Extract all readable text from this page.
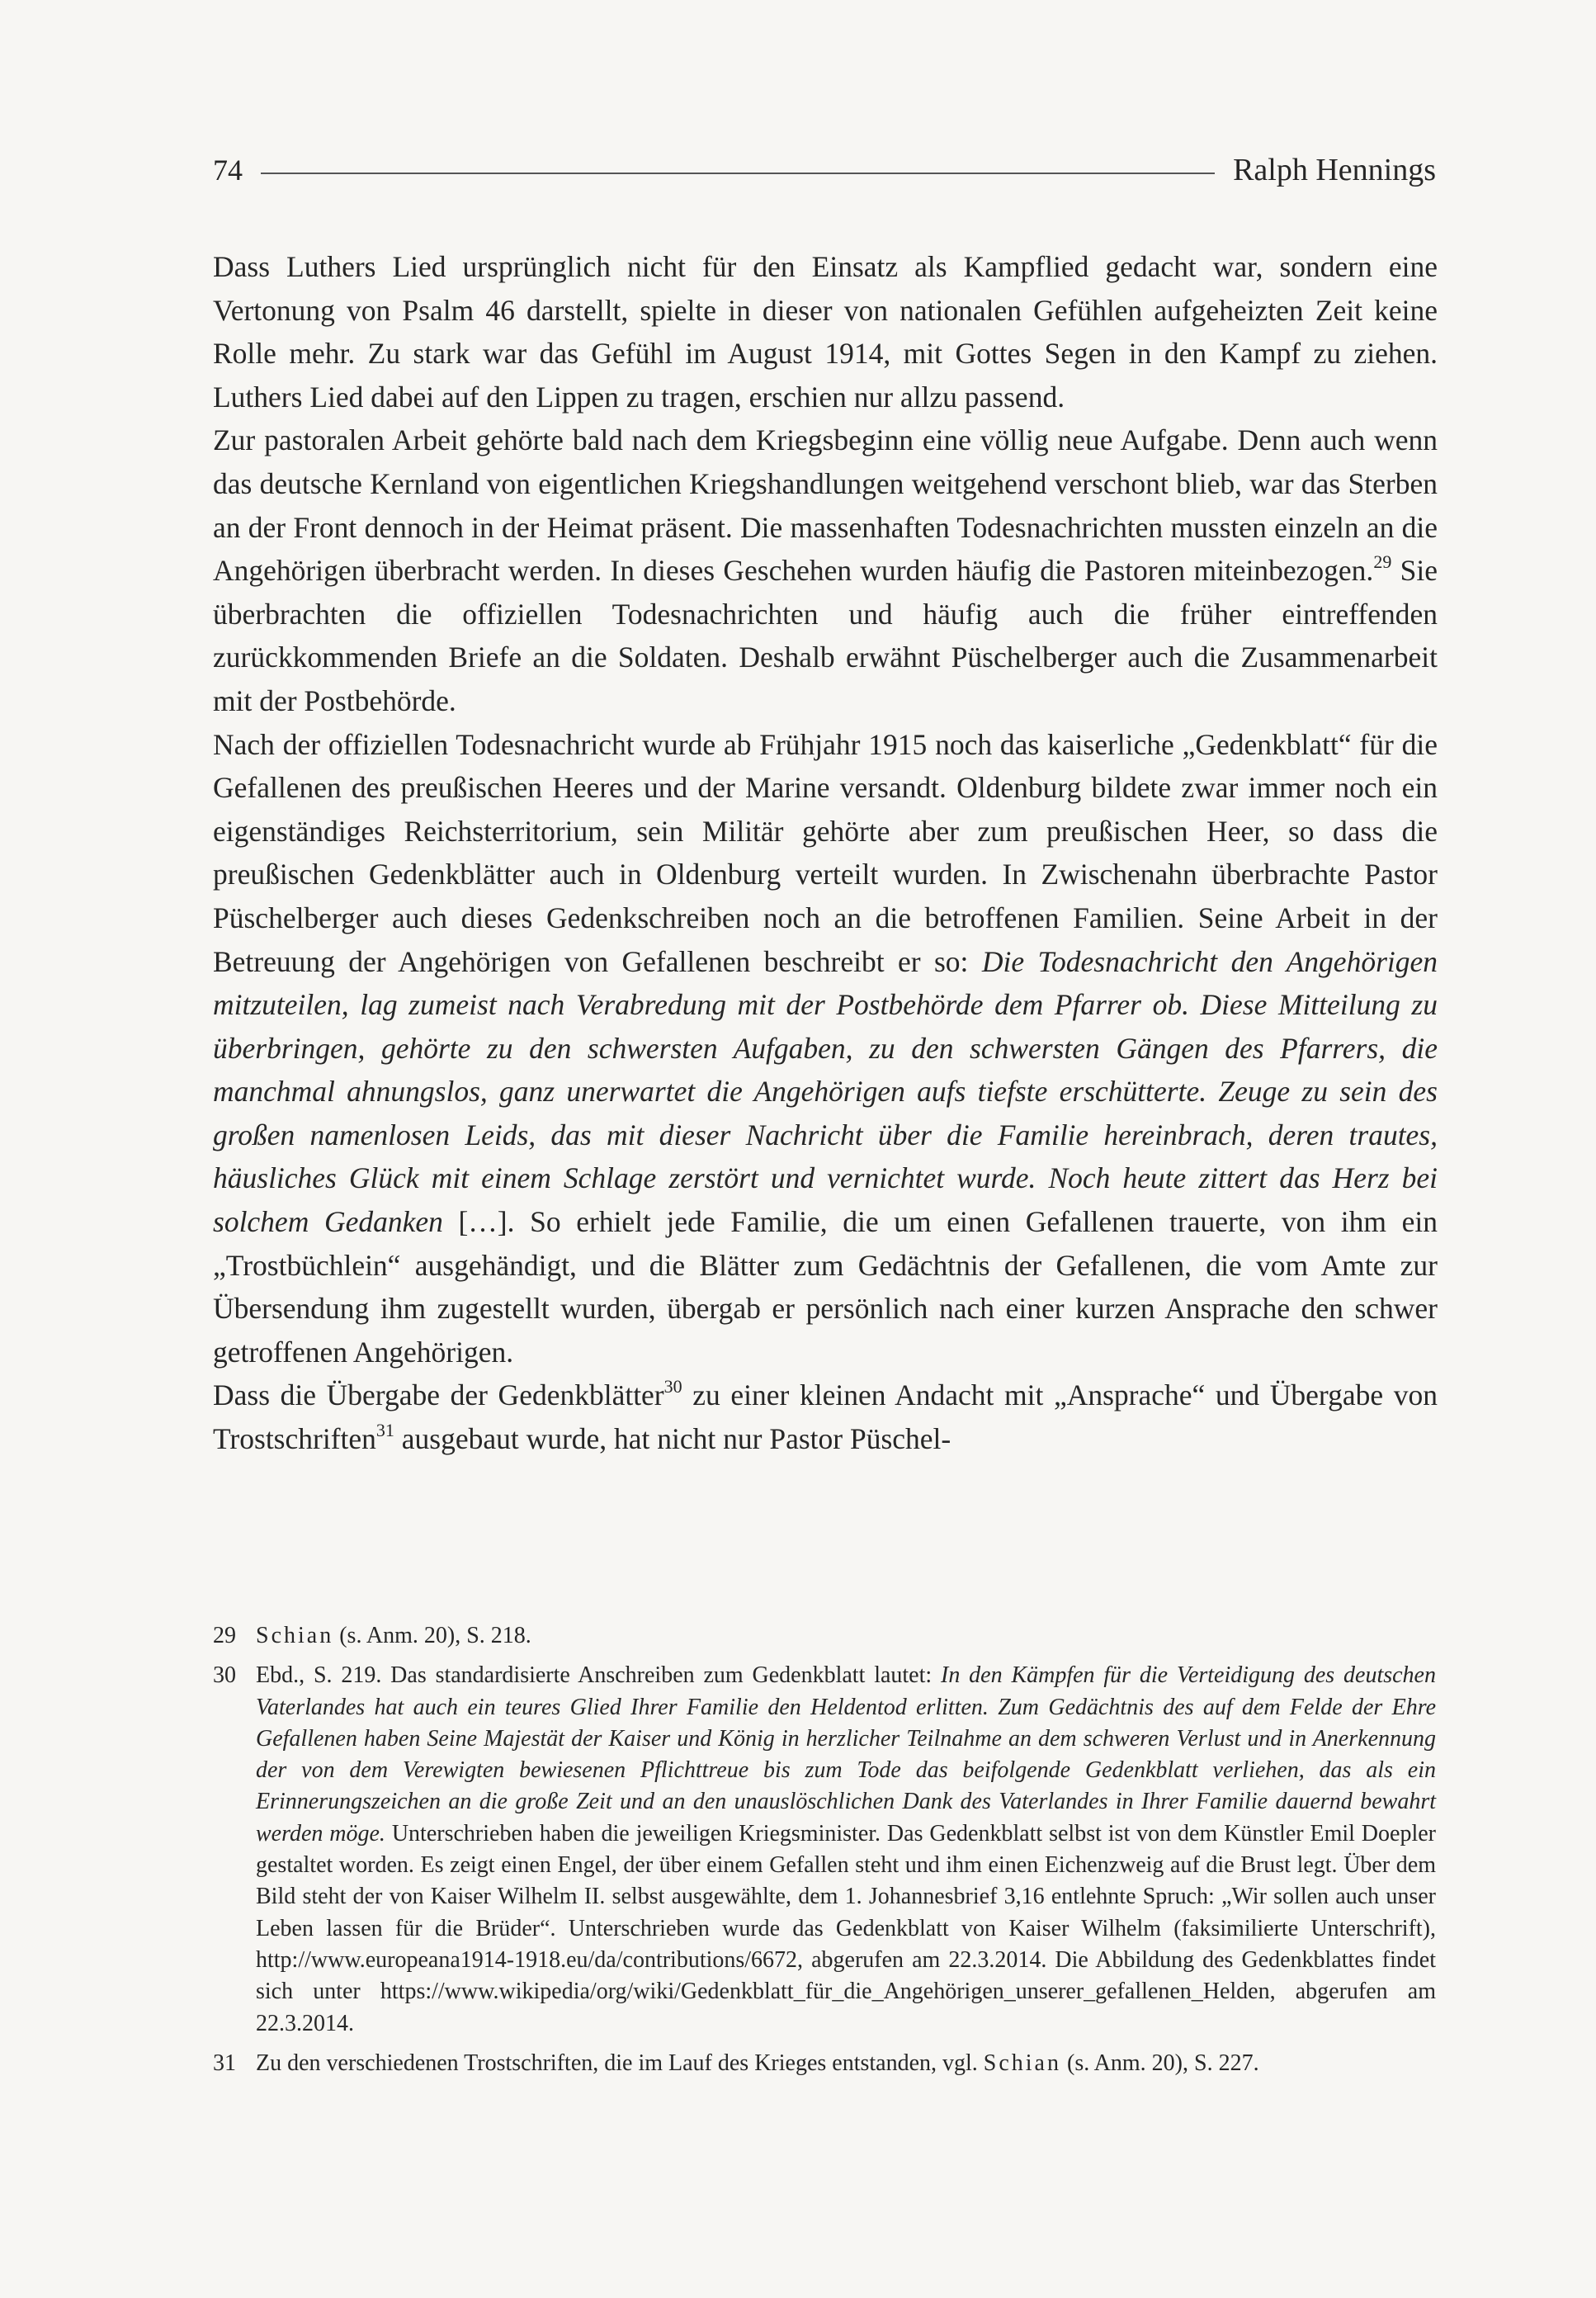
74	Ralph Hennings

Dass Luthers Lied ursprünglich nicht für den Einsatz als Kampflied gedacht war, sondern eine Vertonung von Psalm 46 darstellt, spielte in dieser von nationalen Gefühlen aufgeheizten Zeit keine Rolle mehr. Zu stark war das Gefühl im August 1914, mit Gottes Segen in den Kampf zu ziehen. Luthers Lied dabei auf den Lippen zu tragen, erschien nur allzu passend.

Zur pastoralen Arbeit gehörte bald nach dem Kriegsbeginn eine völlig neue Aufgabe. Denn auch wenn das deutsche Kernland von eigentlichen Kriegshandlungen weitgehend verschont blieb, war das Sterben an der Front dennoch in der Heimat präsent. Die massenhaften Todesnachrichten mussten einzeln an die Angehörigen überbracht werden. In dieses Geschehen wurden häufig die Pastoren miteinbezogen.$^{29}$ Sie überbrachten die offiziellen Todesnachrichten und häufig auch die früher eintreffenden zurückkommenden Briefe an die Soldaten. Deshalb erwähnt Püschelberger auch die Zusammenarbeit mit der Postbehörde.

Nach der offiziellen Todesnachricht wurde ab Frühjahr 1915 noch das kaiserliche „Gedenkblatt“ für die Gefallenen des preußischen Heeres und der Marine versandt. Oldenburg bildete zwar immer noch ein eigenständiges Reichsterritorium, sein Militär gehörte aber zum preußischen Heer, so dass die preußischen Gedenkblätter auch in Oldenburg verteilt wurden. In Zwischenahn überbrachte Pastor Püschelberger auch dieses Gedenkschreiben noch an die betroffenen Familien. Seine Arbeit in der Betreuung der Angehörigen von Gefallenen beschreibt er so: Die Todesnachricht den Angehörigen mitzuteilen, lag zumeist nach Verabredung mit der Postbehörde dem Pfarrer ob. Diese Mitteilung zu überbringen, gehörte zu den schwersten Aufgaben, zu den schwersten Gängen des Pfarrers, die manchmal ahnungslos, ganz unerwartet die Angehörigen aufs tiefste erschütterte. Zeuge zu sein des großen namenlosen Leids, das mit dieser Nachricht über die Familie hereinbrach, deren trautes, häusliches Glück mit einem Schlage zerstört und vernichtet wurde. Noch heute zittert das Herz bei solchem Gedanken […]. So erhielt jede Familie, die um einen Gefallenen trauerte, von ihm ein „Trostbüchlein“ ausgehändigt, und die Blätter zum Gedächtnis der Gefallenen, die vom Amte zur Übersendung ihm zugestellt wurden, übergab er persönlich nach einer kurzen Ansprache den schwer getroffenen Angehörigen.

Dass die Übergabe der Gedenkblätter$^{30}$ zu einer kleinen Andacht mit „Ansprache“ und Übergabe von Trostschriften$^{31}$ ausgebaut wurde, hat nicht nur Pastor Püschel-

29 Schian (s. Anm. 20), S. 218.
30 Ebd., S. 219. Das standardisierte Anschreiben zum Gedenkblatt lautet: In den Kämpfen für die Verteidigung des deutschen Vaterlandes hat auch ein teures Glied Ihrer Familie den Heldentod erlitten. Zum Gedächtnis des auf dem Felde der Ehre Gefallenen haben Seine Majestät der Kaiser und König in herzlicher Teilnahme an dem schweren Verlust und in Anerkennung der von dem Verewigten bewiesenen Pflichttreue bis zum Tode das beifolgende Gedenkblatt verliehen, das als ein Erinnerungszeichen an die große Zeit und an den unauslöschlichen Dank des Vaterlandes in Ihrer Familie dauernd bewahrt werden möge. Unterschrieben haben die jeweiligen Kriegsminister. Das Gedenkblatt selbst ist von dem Künstler Emil Doepler gestaltet worden. Es zeigt einen Engel, der über einem Gefallen steht und ihm einen Eichenzweig auf die Brust legt. Über dem Bild steht der von Kaiser Wilhelm II. selbst ausgewählte, dem 1. Johannesbrief 3,16 entlehnte Spruch: „Wir sollen auch unser Leben lassen für die Brüder“. Unterschrieben wurde das Gedenkblatt von Kaiser Wilhelm (faksimilierte Unterschrift), http://www.europeana1914-1918.eu/da/contributions/6672, abgerufen am 22.3.2014. Die Abbildung des Gedenkblattes findet sich unter https://www.wikipedia/org/wiki/Gedenkblatt_für_die_Angehörigen_unserer_gefallenen_Helden, abgerufen am 22.3.2014.
31 Zu den verschiedenen Trostschriften, die im Lauf des Krieges entstanden, vgl. Schian (s. Anm. 20), S. 227.
